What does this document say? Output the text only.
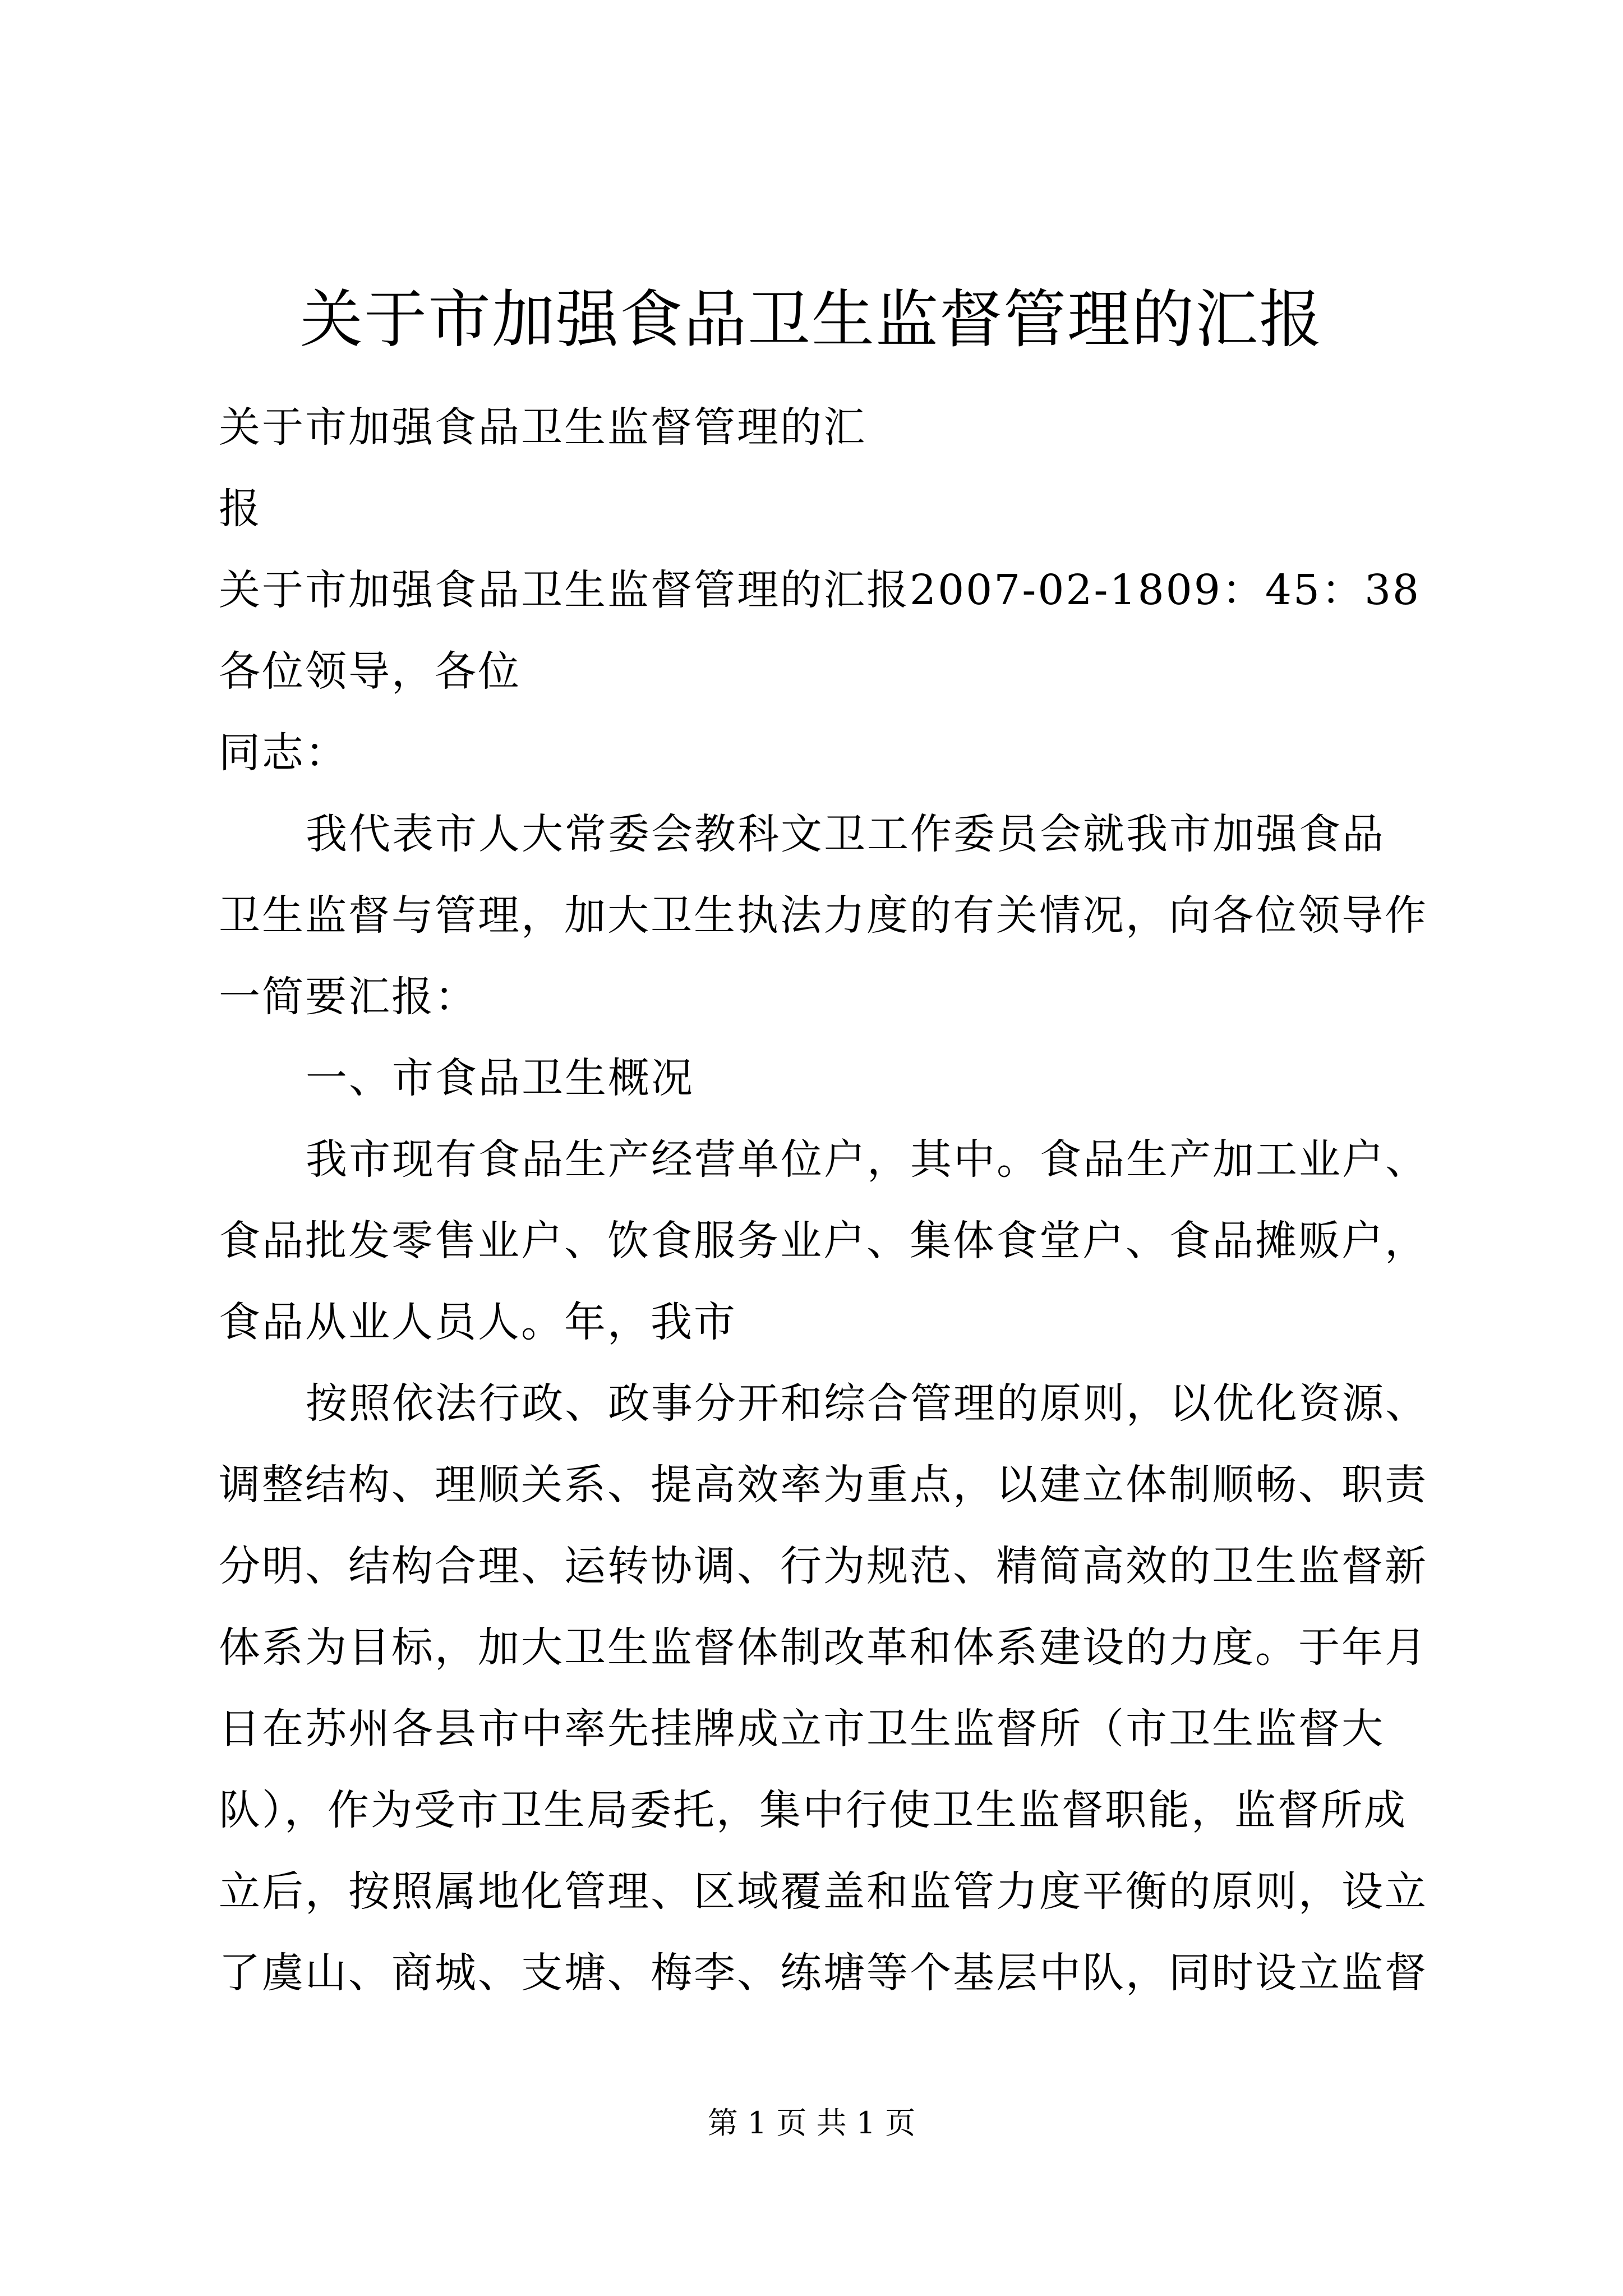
关于市加强食品卫生监督管理的汇报

关于市加强食品卫生监督管理的汇

报

关于市加强食品卫生监督管理的汇报2007-02-1809：45：38

各位领导，各位

同志：

我代表市人大常委会教科文卫工作委员会就我市加强食品

卫生监督与管理，加大卫生执法力度的有关情况，向各位领导作

一简要汇报：

一、市食品卫生概况

我市现有食品生产经营单位户，其中。食品生产加工业户、

食品批发零售业户、饮食服务业户、集体食堂户、食品摊贩户，

食品从业人员人。年，我市

按照依法行政、政事分开和综合管理的原则，以优化资源、

调整结构、理顺关系、提高效率为重点，以建立体制顺畅、职责

分明、结构合理、运转协调、行为规范、精简高效的卫生监督新

体系为目标，加大卫生监督体制改革和体系建设的力度。于年月

日在苏州各县市中率先挂牌成立市卫生监督所（市卫生监督大

队），作为受市卫生局委托，集中行使卫生监督职能，监督所成

立后，按照属地化管理、区域覆盖和监管力度平衡的原则，设立

了虞山、商城、支塘、梅李、练塘等个基层中队，同时设立监督

第 1 页 共 1 页
